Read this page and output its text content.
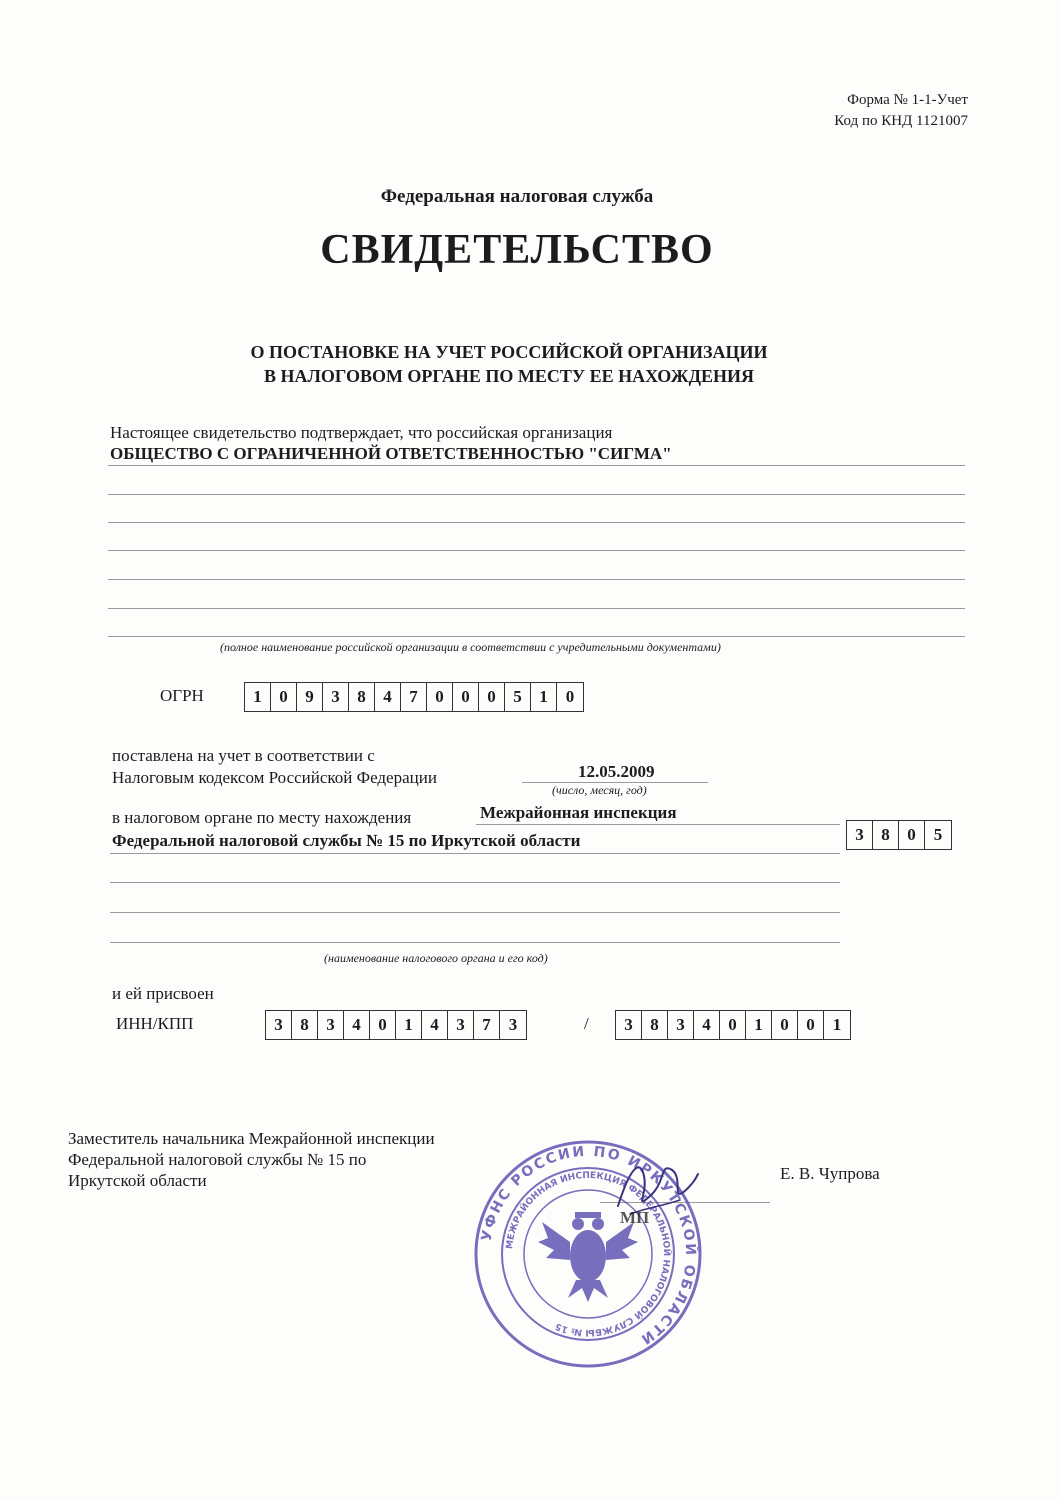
Форма № 1-1-Учет
Код по КНД 1121007
Федеральная налоговая служба
СВИДЕТЕЛЬСТВО
О ПОСТАНОВКЕ НА УЧЕТ РОССИЙСКОЙ ОРГАНИЗАЦИИ
В НАЛОГОВОМ ОРГАНЕ ПО МЕСТУ ЕЕ НАХОЖДЕНИЯ
Настоящее свидетельство подтверждает, что российская организация
ОБЩЕСТВО С ОГРАНИЧЕННОЙ ОТВЕТСТВЕННОСТЬЮ "СИГМА"
(полное наименование российской организации в соответствии с учредительными документами)
ОГРН	1	0	9	3	8	4	7	0	0	0	5	1	0
поставлена на учет в соответствии с
Налоговым кодексом Российской Федерации	12.05.2009
(число, месяц, год)
в налоговом органе по месту нахождения	Межрайонная инспекция
3	8	0	5
Федеральной налоговой службы № 15 по Иркутской области
(наименование налогового органа и его код)
и ей присвоен
ИНН/КПП	3	8	3	4	0	1	4	3	7	3	/	3	8	3	4	0	1	0	0	1
Заместитель начальника Межрайонной инспекции
Федеральной налоговой службы № 15 по
Иркутской области	Е. В. Чупрова
УФНС РОССИИ ПО ИРКУТСКОЙ ОБЛАСТИ
МЕЖРАЙОННАЯ ИНСПЕКЦИЯ ФЕДЕРАЛЬНОЙ НАЛОГОВОЙ СЛУЖБЫ № 15
МП
